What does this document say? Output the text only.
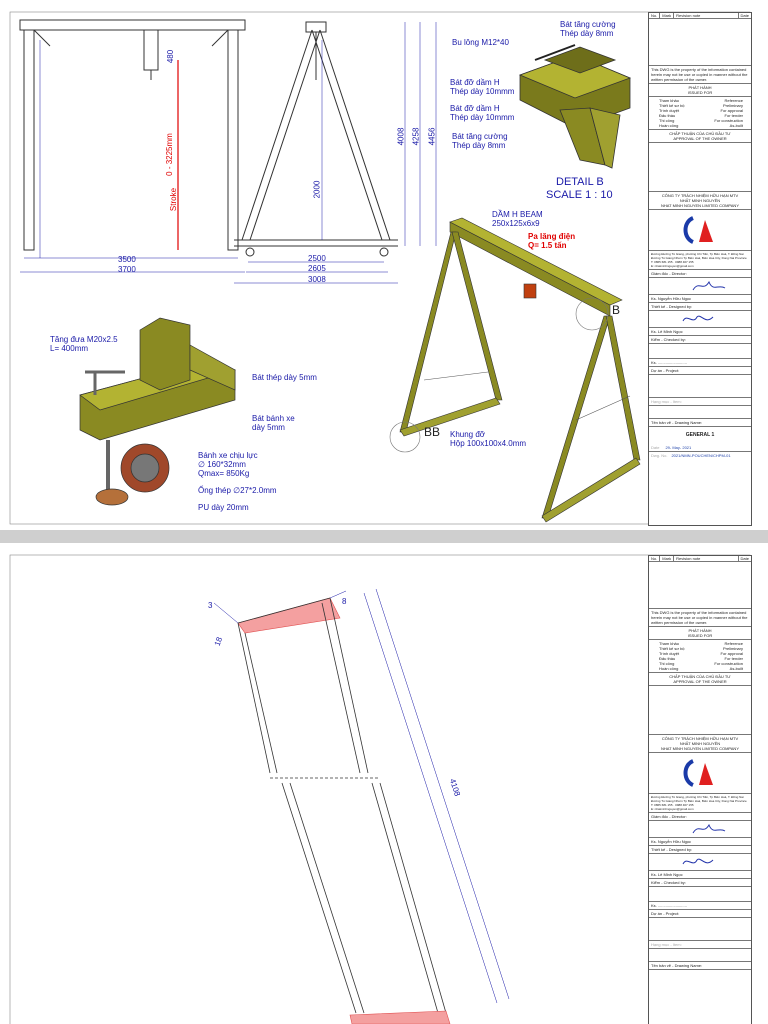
3500
3700
480
0 - 3225mm
Stroke	2000
4008 4258 4456
2500
2605
3008
Bát tăng cường
Thép dày 8mm
Bu lông M12*40
Bát đỡ dầm H
Thép dày 10mmm
Bát đỡ dầm H
Thép dày 10mmm
Bát tăng cường
Thép dày 8mm
DETAIL B
SCALE 1 : 10
DẦM H BEAM
250x125x6x9
Pa lăng điện
Q= 1.5 tấn
Khung đỡ
Hộp 100x100x4.0mm
B
BB
Tăng đưa M20x2.5
L= 400mm
Bát thép dày 5mm
Bát bánh xe
dày 5mm
Bánh xe chịu lực
∅ 160*32mm
Qmax= 850Kg
Ống thép ∅27*2.0mm
PU dày 20mm
No.	Mark	Revision note	Date
This DWG is the property of the information contained herein may not be use or copied in manner without the written permission of the owner.
PHÁT HÀNH
ISSUED FOR
Tham khảo	Reference
Thiết kế sơ bộ	Preliminary
Trình duyệt	For approval
Đấu thầu	For tender
Thi công	For construction
Hoàn công	As-built
CHẤP THUẬN CỦA CHỦ ĐẦU TƯ
APPROVAL OF THE OWNER
CÔNG TY TRÁCH NHIỆM HỮU HẠN MTV
NHẤT MINH NGUYÊN
NHAT MINH NGUYEN LIMITED COMPANY
Đường Đường Tú Giang, phường Chi Tiến, Tp Biên Hoà, T. Đồng Nai
Đường Tú Giang Nhưm Tp Biên Hoà, Biên Hoa City, Dong Nai Province
T: 0865 681 155 · 0988 467 155
E: nhatminhnguyen@gmail.com
Giám đốc - Director:
Ks. Nguyễn Hữu Ngọc
Thiết kế - Designed by:
Ks. Lê Minh Ngọc
Kiểm - Checked by:
Ks. ..........................
Dự án - Project:
Hạng mục - Item:
Tên bản vẽ - Drawing Name:
GENERAL 1
Date 29- May- 2021
Dwg. No. 2021/NMN-POUCHEN/CHPM-01
4108
3
18
8
No.	Mark	Revision note	Date
This DWG is the property of the information contained herein may not be use or copied in manner without the written permission of the owner.
PHÁT HÀNH
ISSUED FOR
Tham khảo	Reference
Thiết kế sơ bộ	Preliminary
Trình duyệt	For approval
Đấu thầu	For tender
Thi công	For construction
Hoàn công	As-built
CHẤP THUẬN CỦA CHỦ ĐẦU TƯ
APPROVAL OF THE OWNER
CÔNG TY TRÁCH NHIỆM HỮU HẠN MTV
NHẤT MINH NGUYÊN
NHAT MINH NGUYEN LIMITED COMPANY
Đường Đường Tú Giang, phường Chi Tiến, Tp Biên Hoà, T. Đồng Nai
Đường Tú Giang Nhưm Tp Biên Hoà, Biên Hoa City, Dong Nai Province
T: 0865 681 155 · 0988 467 155
E: nhatminhnguyen@gmail.com
Giám đốc - Director:
Ks. Nguyễn Hữu Ngọc
Thiết kế - Designed by:
Ks. Lê Minh Ngọc
Kiểm - Checked by:
Ks. ..........................
Dự án - Project:
Hạng mục - Item:
Tên bản vẽ - Drawing Name:
